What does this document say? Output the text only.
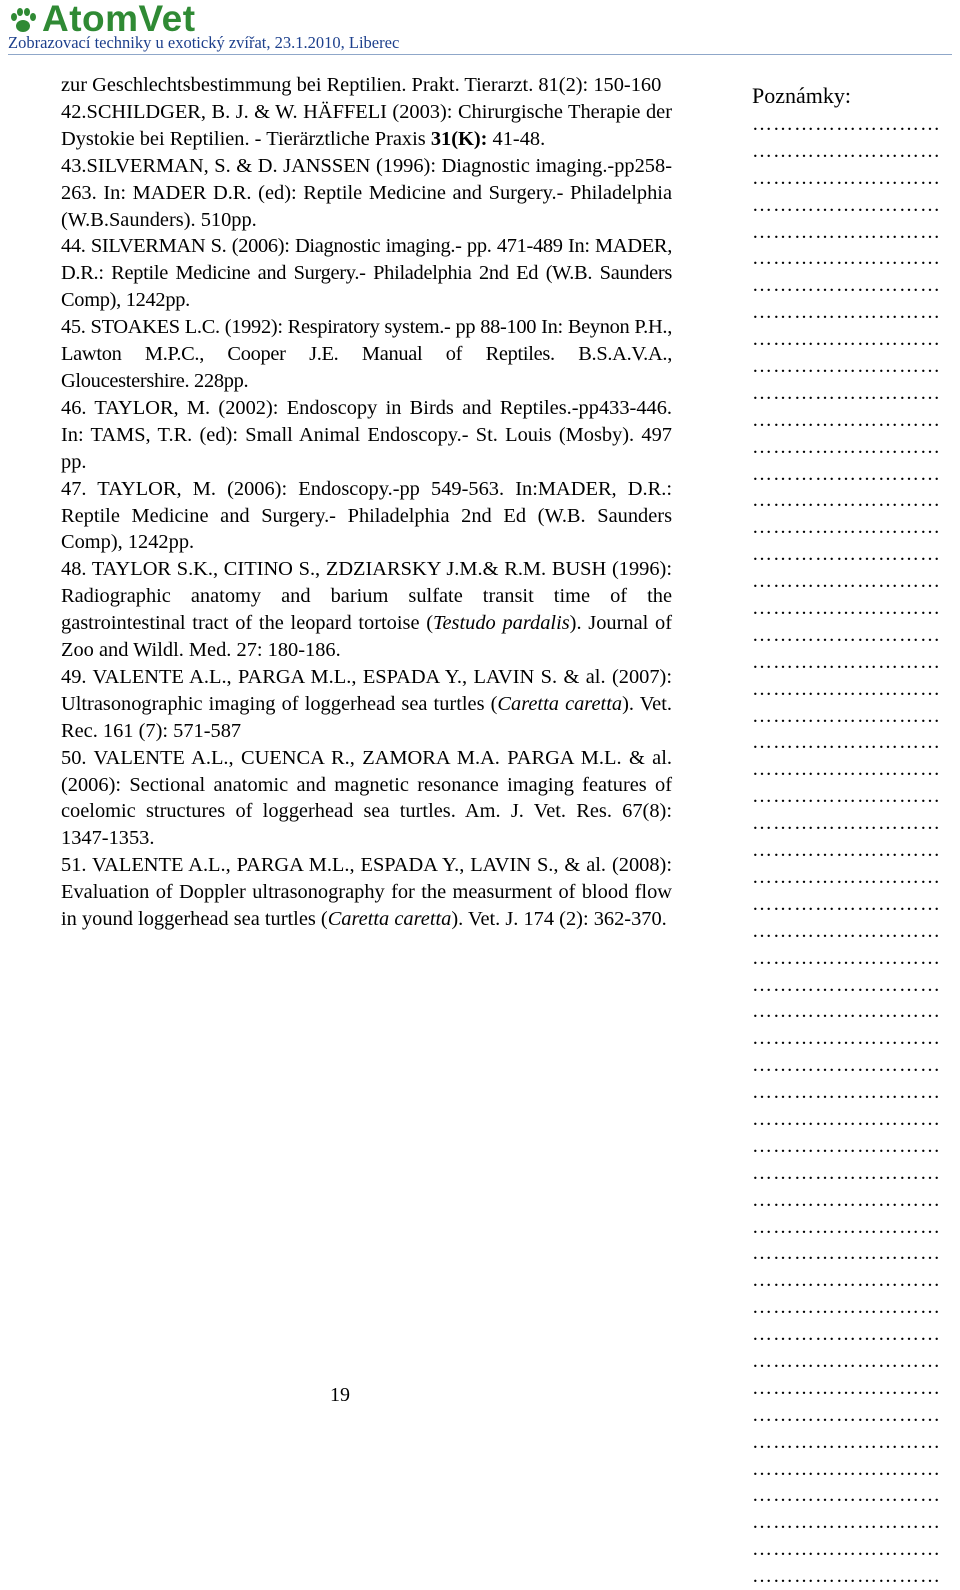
AtomVet
Zobrazovací techniky u exotický zvířat, 23.1.2010, Liberec

zur Geschlechtsbestimmung bei Reptilien. Prakt. Tierarzt. 81(2): 150-160

42.SCHILDGER, B. J. & W. HÄFFELI (2003): Chirurgische Therapie der Dystokie bei Reptilien. - Tierärztliche Praxis 31(K): 41-48.

43.SILVERMAN, S. & D. JANSSEN (1996): Diagnostic imaging.-pp258-263. In: MADER D.R. (ed): Reptile Medicine and Surgery.- Philadelphia (W.B.Saunders). 510pp.

44. SILVERMAN S. (2006): Diagnostic imaging.- pp. 471-489 In: MADER, D.R.: Reptile Medicine and Surgery.- Philadelphia 2nd Ed (W.B. Saunders Comp), 1242pp.

45. STOAKES L.C. (1992): Respiratory system.- pp 88-100 In: Beynon P.H., Lawton M.P.C., Cooper J.E. Manual of Reptiles. B.S.A.V.A., Gloucestershire. 228pp.

46. TAYLOR, M. (2002): Endoscopy in Birds and Reptiles.-pp433-446. In: TAMS, T.R. (ed): Small Animal Endoscopy.- St. Louis (Mosby). 497 pp.

47. TAYLOR, M. (2006): Endoscopy.-pp 549-563. In:MADER, D.R.: Reptile Medicine and Surgery.- Philadelphia 2nd Ed (W.B. Saunders Comp), 1242pp.

48. TAYLOR S.K., CITINO S., ZDZIARSKY J.M.& R.M. BUSH (1996): Radiographic anatomy and barium sulfate transit time of the gastrointestinal tract of the leopard tortoise (Testudo pardalis). Journal of Zoo and Wildl. Med. 27: 180-186.

49. VALENTE A.L., PARGA M.L., ESPADA Y., LAVIN S. & al. (2007): Ultrasonographic imaging of loggerhead sea turtles (Caretta caretta). Vet. Rec. 161 (7): 571-587

50. VALENTE A.L., CUENCA R., ZAMORA M.A. PARGA M.L. & al. (2006): Sectional anatomic and magnetic resonance imaging features of coelomic structures of loggerhead sea turtles. Am. J. Vet. Res. 67(8): 1347-1353.

51. VALENTE A.L., PARGA M.L., ESPADA Y., LAVIN S., & al. (2008): Evaluation of Doppler ultrasonography for the measurment of blood flow in yound loggerhead sea turtles (Caretta caretta). Vet. J. 174 (2): 362-370.

Poznámky:
………………………
………………………
………………………
………………………
………………………
………………………
………………………
………………………
………………………
………………………
………………………
………………………
………………………
………………………
………………………
………………………
………………………
………………………
………………………
………………………
………………………
………………………
………………………
………………………
………………………
………………………
………………………
………………………
………………………
………………………
………………………
………………………
………………………
………………………
………………………
………………………
………………………
………………………
………………………
………………………
………………………
………………………
………………………
………………………
………………………
………………………
………………………
………………………
………………………
………………………
………………………
………………………
………………………
………………………
………………………
19
